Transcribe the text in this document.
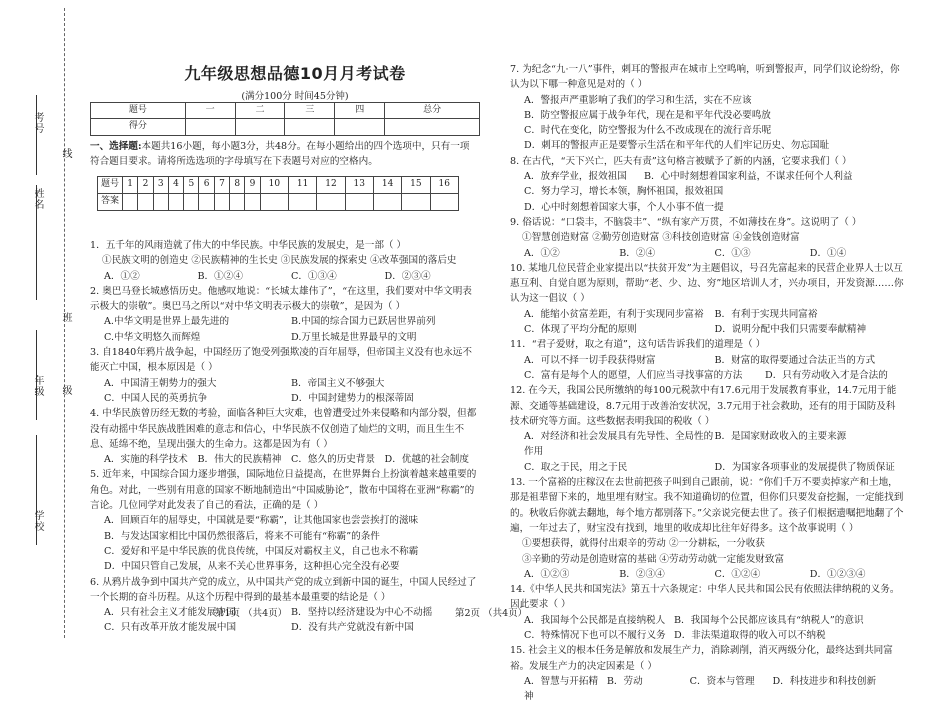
考号
线
姓名
班
年级 级
学校
九年级思想品德10月月考试卷
(满分100分 时间45分钟)
题号	一	二	三	四	总分
得分					
一、选择题:本题共16小题，每小题3分，共48分。在每小题给出的四个选项中，只有一项符合题目要求。请将所选选项的字母填写在下表题号对应的空格内。
题号	1	2	3	4	5	6	7	8	9	10	11	12	13	14	15	16
答案																

1．五千年的风雨造就了伟大的中华民族。中华民族的发展史，是一部（ ）

①民族文明的创造史 ②民族精神的生长史 ③民族发展的探索史 ④改革强国的落后史

A．①②	B．①②④	C．①③④	D．②③④

2. 奥巴马登长城感悟历史。他感叹地说：“长城太雄伟了”，“在这里，我们要对中华文明表示极大的崇敬”。奥巴马之所以“对中华文明表示极大的崇敬”，是因为（ ）

A.中华文明是世界上最先进的	B.中国的综合国力已跃居世界前列
C.中华文明悠久而辉煌	D.万里长城是世界最早的文明

3. 自1840年鸦片战争起，中国经历了饱受列强欺凌的百年屈辱，但帝国主义没有也永远不能灭亡中国，根本原因是（ ）

A．中国清王朝势力的强大	B．帝国主义不够强大
C．中国人民的英勇抗争	D．中国封建势力的根深蒂固

4. 中华民族曾历经无数的考验，面临各种巨大灾难，也曾遭受过外来侵略和内部分裂，但都没有动摇中华民族战胜困难的意志和信心，中华民族不仅创造了灿烂的文明，而且生生不息、延绵不绝，呈现出强大的生命力。这都是因为有（ ）

A．实施的科学技术	B．伟大的民族精神	C．悠久的历史背景 D．优越的社会制度

5. 近年来，中国综合国力逐步增强，国际地位日益提高，在世界舞台上扮演着越来越重要的角色。对此，一些别有用意的国家不断地制造出“中国威胁论”，散布中国将在亚洲“称霸”的言论。几位同学对此发表了自己的看法，正确的是（ ）

A．回顾百年的屈辱史，中国就是要“称霸”，让其他国家也尝尝挨打的滋味

B．与发达国家相比中国仍然很落后，将来不可能有“称霸”的条件

C．爱好和平是中华民族的优良传统，中国反对霸权主义，自己也永不称霸

D．中国只管自己发展，从来不关心世界事务，这种担心完全没有必要

6. 从鸦片战争到中国共产党的成立，从中国共产党的成立到新中国的诞生，中国人民经过了一个长期的奋斗历程。从这个历程中得到的最基本最重要的结论是（ ）

A．只有社会主义才能发展中国	B．坚持以经济建设为中心不动摇
C．只有改革开放才能发展中国	D．没有共产党就没有新中国
第1页 （共4页）

7. 为纪念“九·一八”事件，刺耳的警报声在城市上空鸣响，听到警报声，同学们议论纷纷，你认为以下哪一种意见是对的（ ）

A．警报声严重影响了我们的学习和生活，实在不应该

B．防空警报应属于战争年代，现在是和平年代没必要鸣放

C．时代在变化，防空警报为什么不改成现在的流行音乐呢

D．刺耳的警报声正是要警示生活在和平年代的人们牢记历史、勿忘国耻

8. 在古代，“天下兴亡，匹夫有责”这句格言被赋予了新的内涵，它要求我们（ ）

A．放弃学业，报效祖国	B．心中时刻想着国家利益，不谋求任何个人利益

C．努力学习，增长本领，胸怀祖国，报效祖国

D．心中时刻想着国家大事，个人小事不值一提

9. 俗话说：“口袋丰，不脑袋丰”、“纵有家产万贯，不如薄技在身”。这说明了（ ）

①智慧创造财富 ②勤劳创造财富 ③科技创造财富 ④金钱创造财富

A．①②	B．②④	C．①③	D．①④

10. 某地几位民营企业家提出以“扶贫开发”为主题倡议，号召先富起来的民营企业界人士以互惠互利、自觉自愿为原则，帮助“老、少、边、穷”地区培训人才，兴办项目，开发资源……你认为这一倡议（ ）

A．能缩小贫富差距，有利于实现同步富裕	B．有利于实现共同富裕
C．体现了平均分配的原则	D．说明分配中我们只需要奉献精神

11．“君子爱财，取之有道”，这句话告诉我们的道理是（ ）

A．可以不择一切手段获得财富	B．财富的取得要通过合法正当的方式
C．富有是每个人的愿望，人们应当寻找事富的方法	D．只有劳动收入才是合法的

12. 在今天，我国公民所缴纳的每100元税款中有17.6元用于发展教育事业，14.7元用于能源、交通等基础建设，8.7元用于改善治安状况，3.7元用于社会救助，还有的用于国防及科技术研究等方面。这些数据表明我国的税收（ ）

A．对经济和社会发展具有先导性、全局性的作用
B．是国家财政收入的主要来源
C．取之于民，用之于民	D．为国家各项事业的发展提供了物质保证

13. 一个富裕的庄稼汉在去世前把孩子叫到自己跟前，说：“你们千万不要卖掉家产和土地，那是祖辈留下来的，地里埋有财宝。我不知道确切的位置，但你们只要发奋挖掘，一定能找到的。秋收后你就去翻地，每个地方都别落下。”父亲说完便去世了。孩子们根据遗嘱把地翻了个遍，一年过去了，财宝没有找到，地里的收成却比往年好得多。这个故事说明（ ）

①要想获得，就得付出艰辛的劳动 ②一分耕耘，一分收获

③辛勤的劳动是创造财富的基础 ④劳动劳动就一定能发财致富

A．①②③	B．②③④	C．①②④	D．①②③④

14.《中华人民共和国宪法》第五十六条规定：中华人民共和国公民有依照法律纳税的义务。因此要求（ ）

A．我国每个公民都是直接纳税人 B．我国每个公民都应该具有“纳税人”的意识
C．特殊情况下也可以不履行义务 D．非法渠道取得的收入可以不纳税

15. 社会主义的根本任务是解放和发展生产力，消除剥削，消灭两级分化，最终达到共同富裕。发展生产力的决定因素是（ ）

A．智慧与开拓精神
B．劳动	C．资本与管理	D．科技进步和科技创新
第2页 （共4页）
